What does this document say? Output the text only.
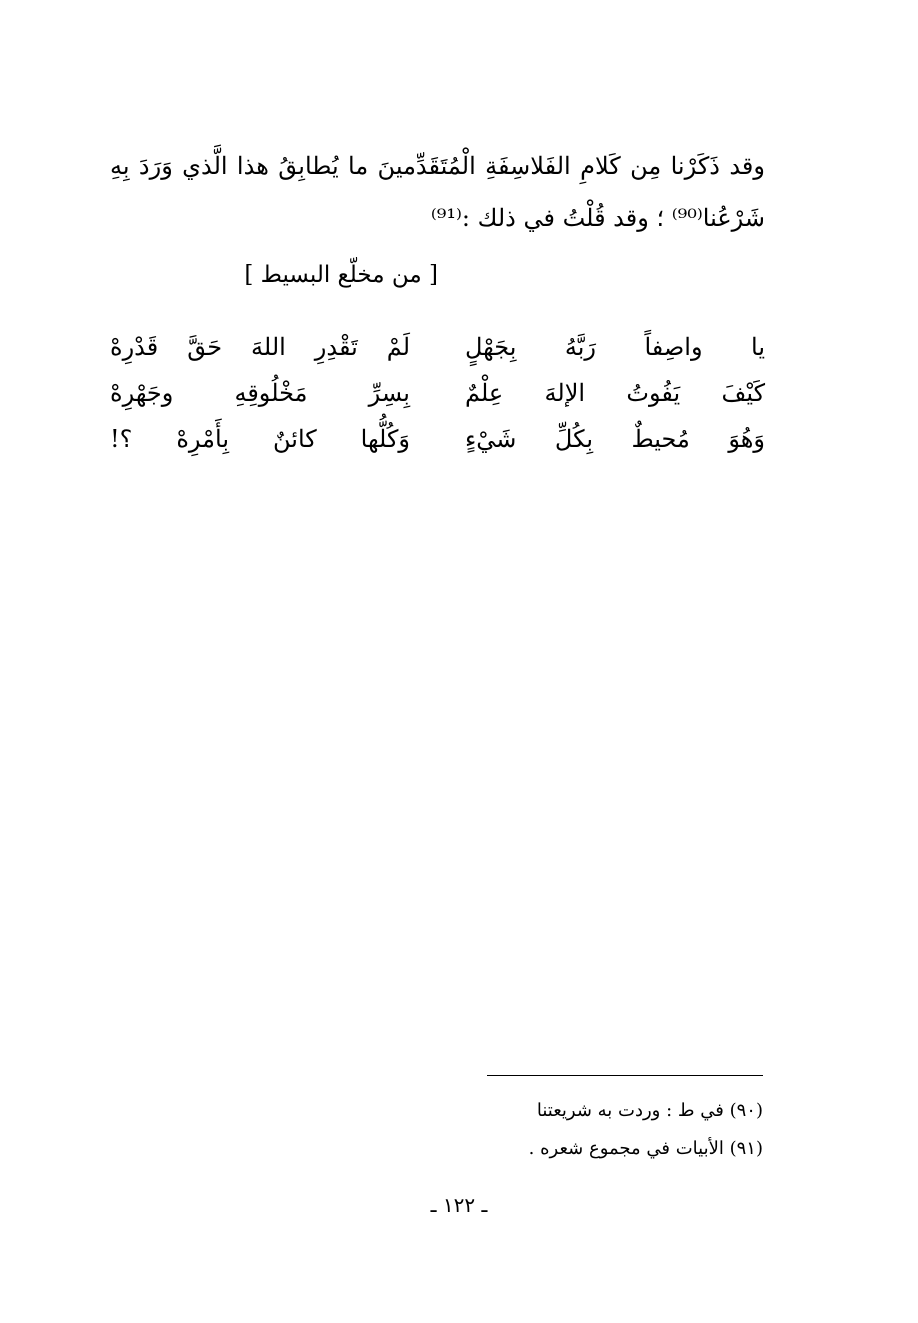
وقد ذَكَرْنا مِن كَلامِ الفَلاسِفَةِ الْمُتَقَدِّمينَ ما يُطابِقُ هذا الَّذي وَرَدَ بِهِ شَرْعُنا⁽⁹⁰⁾ ؛ وقد قُلْتُ في ذلك :⁽⁹¹⁾

[ من مخلّع البسيط ]
يا واصِفاً رَبَّهُ بِجَهْلٍ
لَمْ تَقْدِرِ اللهَ حَقَّ قَدْرِهْ
كَيْفَ يَفُوتُ الإلهَ عِلْمٌ
بِسِرِّ مَخْلُوقِهِ وجَهْرِهْ
وَهُوَ مُحيطٌ بِكُلِّ شَيْءٍ
وَكُلُّها كائنٌ بِأَمْرِهْ ؟!
(٩٠) في ط : وردت به شريعتنا
(٩١) الأبيات في مجموع شعره .
ـ ١٢٢ ـ
